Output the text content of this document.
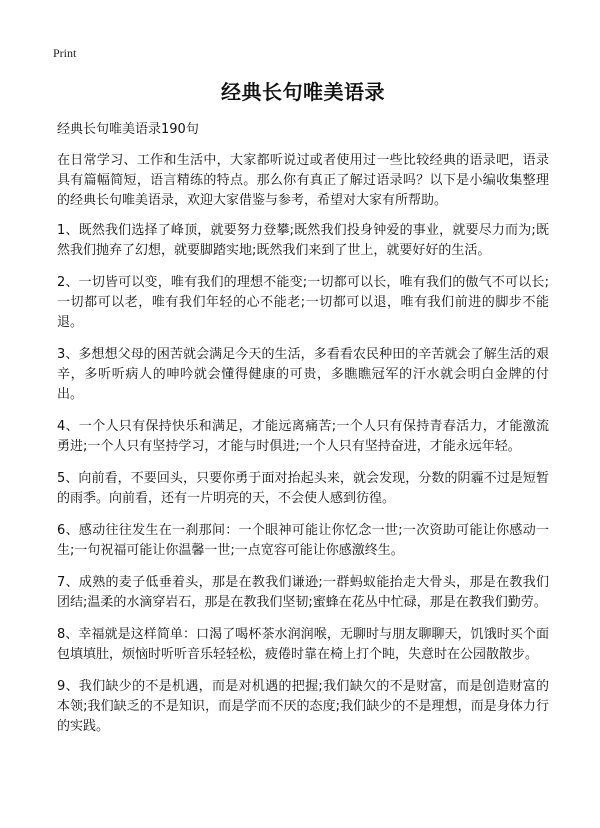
Print
经典长句唯美语录

经典长句唯美语录190句

在日常学习、工作和生活中，大家都听说过或者使用过一些比较经典的语录吧，语录具有篇幅简短，语言精练的特点。那么你有真正了解过语录吗？以下是小编收集整理的经典长句唯美语录，欢迎大家借鉴与参考，希望对大家有所帮助。

1、既然我们选择了峰顶，就要努力登攀;既然我们投身钟爱的事业，就要尽力而为;既然我们抛弃了幻想，就要脚踏实地;既然我们来到了世上，就要好好的生活。

2、一切皆可以变，唯有我们的理想不能变;一切都可以长，唯有我们的傲气不可以长;一切都可以老，唯有我们年轻的心不能老;一切都可以退，唯有我们前进的脚步不能退。

3、多想想父母的困苦就会满足今天的生活，多看看农民种田的辛苦就会了解生活的艰辛，多听听病人的呻吟就会懂得健康的可贵，多瞧瞧冠军的汗水就会明白金牌的付出。

4、一个人只有保持快乐和满足，才能远离痛苦;一个人只有保持青春活力，才能激流勇进;一个人只有坚持学习，才能与时俱进;一个人只有坚持奋进，才能永远年轻。

5、向前看，不要回头，只要你勇于面对抬起头来，就会发现，分数的阴霾不过是短暂的雨季。向前看，还有一片明亮的天，不会使人感到彷徨。

6、感动往往发生在一刹那间：一个眼神可能让你忆念一世;一次资助可能让你感动一生;一句祝福可能让你温馨一世;一点宽容可能让你感激终生。

7、成熟的麦子低垂着头，那是在教我们谦逊;一群蚂蚁能抬走大骨头，那是在教我们团结;温柔的水滴穿岩石，那是在教我们坚韧;蜜蜂在花丛中忙碌，那是在教我们勤劳。

8、幸福就是这样简单：口渴了喝杯茶水润润喉，无聊时与朋友聊聊天，饥饿时买个面包填填肚，烦恼时听听音乐轻轻松，疲倦时靠在椅上打个盹，失意时在公园散散步。

9、我们缺少的不是机遇，而是对机遇的把握;我们缺欠的不是财富，而是创造财富的本领;我们缺乏的不是知识，而是学而不厌的态度;我们缺少的不是理想，而是身体力行的实践。
